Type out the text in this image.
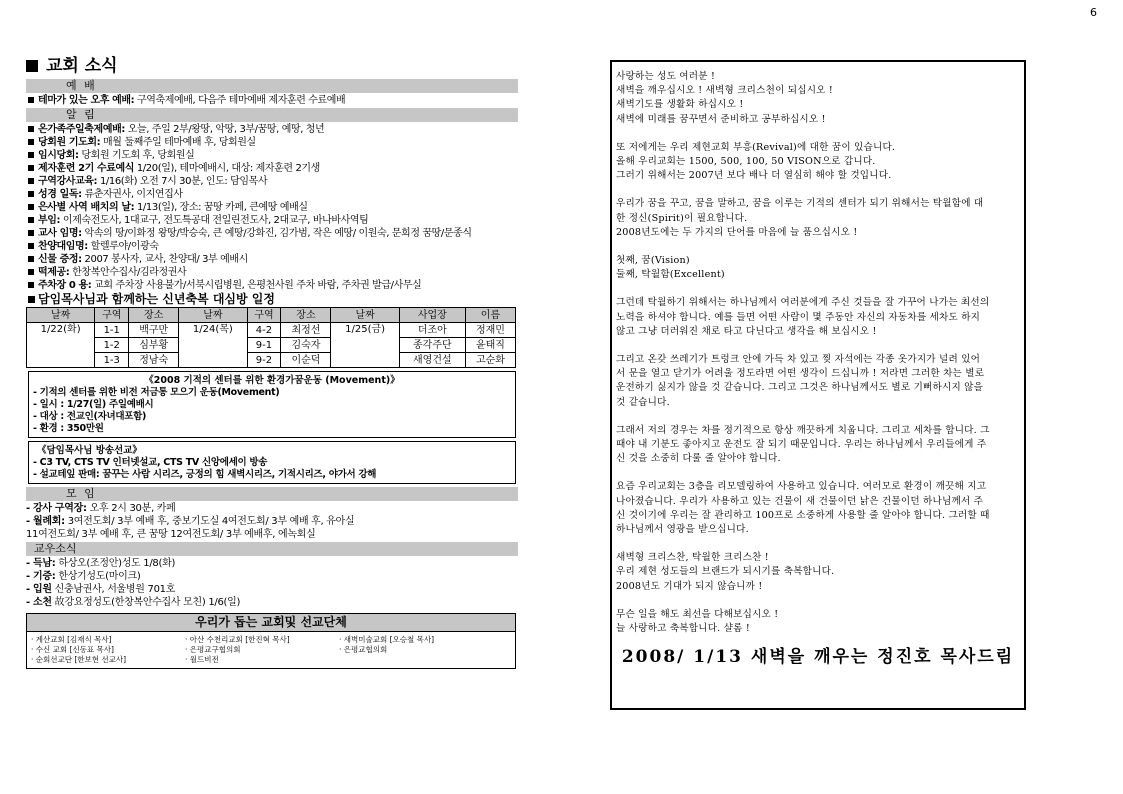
6
교회 소식
예 배
테마가 있는 오후 예배: 구역축제예배, 다음주 테마예배 제자훈련 수료예배
알 림
온가족주일축제예배: 오늘, 주일 2부/왕땅, 악땅, 3부/꿈땅, 예땅, 청년
당회원 기도회: 매월 둘째주일 테마예배 후, 당회원실
임시당회: 당회원 기도회 후, 당회원실
제자훈련 2기 수료예식 1/20(일), 테마예배시, 대상: 제자훈련 2기생
구역강사교육: 1/16(화) 오전 7시 30분, 인도: 담임목사
성경 일독: 류춘자권사, 이지연집사
은사별 사역 배치의 날: 1/13(일), 장소: 꿈땅 카페, 큰예땅 예배실
부임: 이제숙전도사, 1대교구, 전도특공대 전일린전도사, 2대교구, 바나바사역팀
교사 임명: 악속의 땅/이화정 왕땅/박승숙, 큰 예땅/강화진, 김가범, 작은 예땅/ 이원숙, 문희정 꿈땅/문종식
찬양대임명: 할렐루야/이광숙
신물 증정: 2007 봉사자, 교사, 찬양대/ 3부 예배시
떡제공: 한창복안수집사/김라정권사
주차장 0 용: 교회 주차장 사용불가/서북시립병원, 은평천사원 주차 바람, 주차권 발급/사무실
담임목사님과 함께하는 신년축복 대심방 일정
날짜	구역	장소	날짜	구역	장소	날짜	사업장	이름
1/22(화)	1-1	백구만	1/24(목)	4-2	최정선	1/25(금)	더조아	정재민
	1-2	심부황		9-1	김숙자		종각주단	윤태직
	1-3	정남숙		9-2	이순덕		새영건설	고순화
《2008 기적의 센터를 위한 환경가꿈운동 (Movement)》
- 기적의 센터를 위한 비전 저금통 모으기 운동(Movement)
- 일시 : 1/27(일) 주일예배시
- 대상 : 전교인(자녀대포함)
- 환경 : 350만원
《담임목사님 방송선교》
- C3 TV, CTS TV 인터넷설교, CTS TV 신앙에세이 방송
- 설교테잎 판매: 꿈꾸는 사람 시리즈, 긍정의 힘 새벽시리즈, 기적시리즈, 야가서 강해
모 임
- 강사 구역장: 오후 2시 30분, 카페
- 월례회: 3여전도회/ 3부 예배 후, 중보기도실 4여전도회/ 3부 예배 후, 유아실
11여전도회/ 3부 예배 후, 큰 꿈땅 12여전도회/ 3부 예배후, 에녹회실
교우소식
- 득남: 하상오(조정안)성도 1/8(화)
- 기증: 한상기성도(마이크)
- 입원 신충남권사, 서울병원 701호
- 소천 故강요정성도(한창복안수집사 모친) 1/6(일)
우리가 돕는 교회및 선교단체
· 계산교회 [김재식 목사]	· 아산 수천리교회 [한진혁 목사]	· 새벽미술교회 [오승철 목사]
· 수신 교회 [신동표 목사]	· 은평교구협의회	· 은평교협의회
· 순회선교단 [한보현 선교사]	· 월드비전

사랑하는 성도 여러분 !

새벽을 깨우십시오 ! 새벽형 크리스천이 되십시오 !

새벽기도를 생활화 하십시오 !

새벽에 미래를 꿈꾸면서 준비하고 공부하십시오 !

또 저에게는 우리 제현교회 부흥(Revival)에 대한 꿈이 있습니다.

올해 우리교회는 1500, 500, 100, 50 VISON으로 갑니다.

그러기 위해서는 2007년 보다 배나 더 열심히 해야 할 것입니다.

우리가 꿈을 꾸고, 꿈을 말하고, 꿈을 이루는 기적의 센터가 되기 위해서는 탁월함에 대

한 정신(Spirit)이 필요합니다.

2008년도에는 두 가지의 단어를 마음에 늘 품으십시오 !

첫째, 꿈(Vision)

둘째, 탁월함(Excellent)

그런데 탁월하기 위해서는 하나님께서 여러분에게 주신 것들을 잘 가꾸어 나가는 최선의

노력을 하셔야 합니다. 예를 들면 어떤 사람이 몇 주동안 자신의 자동차를 세차도 하지

않고 그냥 더러워진 채로 타고 다닌다고 생각을 해 보십시오 !

그리고 온갖 쓰레기가 트렁크 안에 가득 차 있고 찢 자석에는 각종 옷가지가 널려 있어

서 문을 열고 닫기가 어려울 정도라면 어떤 생각이 드십니까 ! 저라면 그러한 차는 별로

운전하기 싫지가 않을 것 같습니다. 그리고 그것은 하나님께서도 별로 기뻐하시지 않을

것 같습니다.

그래서 저의 경우는 차를 정기적으로 항상 깨끗하게 치웁니다. 그리고 세차를 합니다. 그

때야 내 기분도 좋아지고 운전도 잘 되기 때문입니다. 우리는 하나님께서 우리들에게 주

신 것을 소중히 다룰 줄 알아야 합니다.

요즘 우리교회는 3층을 리모델링하여 사용하고 있습니다. 여러모로 환경이 깨끗해 지고

나아졌습니다. 우리가 사용하고 있는 건물이 새 건물이던 낡은 건물이던 하나님께서 주

신 것이기에 우리는 잘 관리하고 100프로 소중하게 사용할 줄 알아야 합니다. 그러할 때

하나님께서 영광을 받으십니다.

새벽형 크리스찬, 탁월한 크리스찬 !

우리 제현 성도들의 브랜드가 되시기를 축복합니다.

2008년도 기대가 되지 않습니까 !

무슨 일을 해도 최선을 다해보십시오 !

늘 사랑하고 축복합니다. 샬롬 !

2008/ 1/13 새벽을 깨우는 정진호 목사드림
